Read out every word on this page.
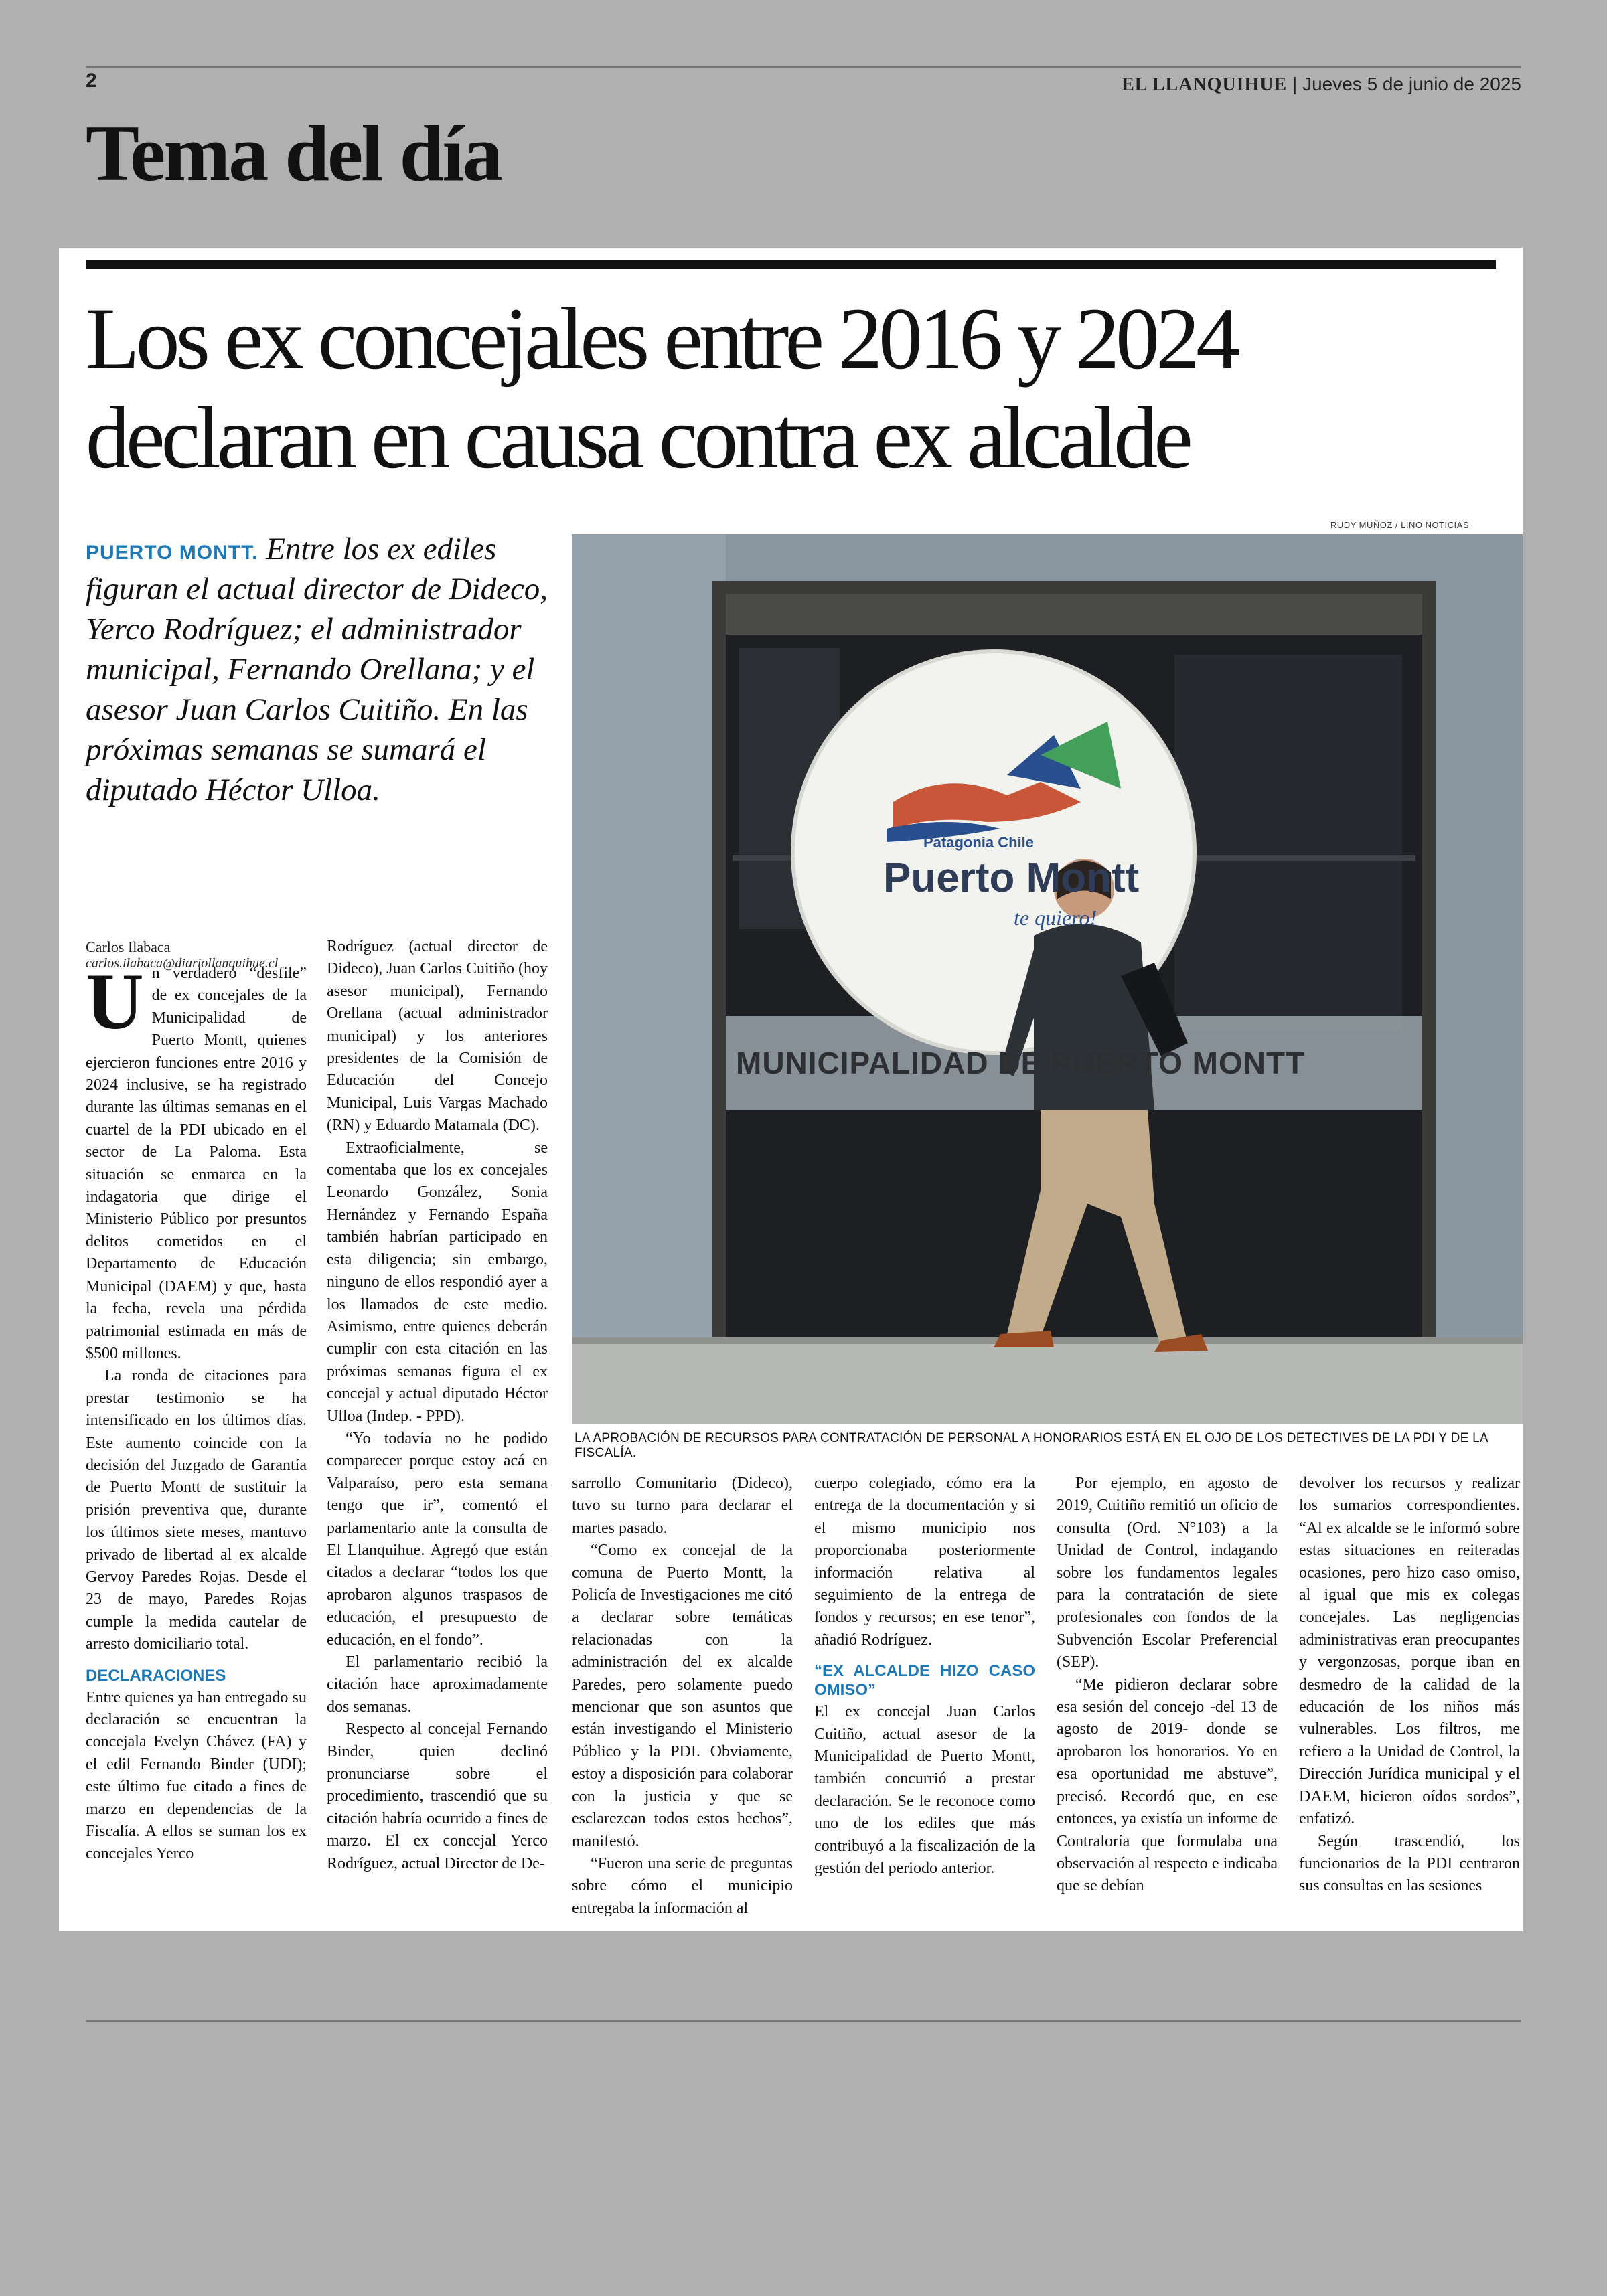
2	EL LLANQUIHUE | Jueves 5 de junio de 2025
Tema del día
Los ex concejales entre 2016 y 2024
declaran en causa contra ex alcalde
RUDY MUÑOZ / LINO NOTICIAS
Patagonia Chile
Puerto Montt
te quiero!
MUNICIPALIDAD DE PUERTO MONTT
LA APROBACIÓN DE RECURSOS PARA CONTRATACIÓN DE PERSONAL A HONORARIOS ESTÁ EN EL OJO DE LOS DETECTIVES DE LA PDI Y DE LA FISCALÍA.
PUERTO MONTT. Entre los ex ediles figuran el actual director de Dideco, Yerco Rodríguez; el administrador municipal, Fernando Orellana; y el asesor Juan Carlos Cuitiño. En las próximas semanas se sumará el diputado Héctor Ulloa.
Carlos Ilabaca
carlos.ilabaca@diariollanquihue.cl

Un verdadero “desfile” de ex concejales de la Municipalidad de Puerto Montt, quienes ejercieron funciones entre 2016 y 2024 inclusive, se ha registrado durante las últimas semanas en el cuartel de la PDI ubicado en el sector de La Paloma. Esta situación se enmarca en la indagatoria que dirige el Ministerio Público por presuntos delitos cometidos en el Departamento de Educación Municipal (DAEM) y que, hasta la fecha, revela una pérdida patrimonial estimada en más de $500 millones.

La ronda de citaciones para prestar testimonio se ha intensificado en los últimos días. Este aumento coincide con la decisión del Juzgado de Garantía de Puerto Montt de sustituir la prisión preventiva que, durante los últimos siete meses, mantuvo privado de libertad al ex alcalde Gervoy Paredes Rojas. Desde el 23 de mayo, Paredes Rojas cumple la medida cautelar de arresto domiciliario total.

DECLARACIONES

Entre quienes ya han entregado su declaración se encuentran la concejala Evelyn Chávez (FA) y el edil Fernando Binder (UDI); este último fue citado a fines de marzo en dependencias de la Fiscalía. A ellos se suman los ex concejales Yerco

Rodríguez (actual director de Dideco), Juan Carlos Cuitiño (hoy asesor municipal), Fernando Orellana (actual administrador municipal) y los anteriores presidentes de la Comisión de Educación del Concejo Municipal, Luis Vargas Machado (RN) y Eduardo Matamala (DC).

Extraoficialmente, se comentaba que los ex concejales Leonardo González, Sonia Hernández y Fernando España también habrían participado en esta diligencia; sin embargo, ninguno de ellos respondió ayer a los llamados de este medio. Asimismo, entre quienes deberán cumplir con esta citación en las próximas semanas figura el ex concejal y actual diputado Héctor Ulloa (Indep. - PPD).

“Yo todavía no he podido comparecer porque estoy acá en Valparaíso, pero esta semana tengo que ir”, comentó el parlamentario ante la consulta de El Llanquihue. Agregó que están citados a declarar “todos los que aprobaron algunos traspasos de educación, el presupuesto de educación, en el fondo”.

El parlamentario recibió la citación hace aproximadamente dos semanas.

Respecto al concejal Fernando Binder, quien declinó pronunciarse sobre el procedimiento, trascendió que su citación habría ocurrido a fines de marzo. El ex concejal Yerco Rodríguez, actual Director de De-

sarrollo Comunitario (Dideco), tuvo su turno para declarar el martes pasado.

“Como ex concejal de la comuna de Puerto Montt, la Policía de Investigaciones me citó a declarar sobre temáticas relacionadas con la administración del ex alcalde Paredes, pero solamente puedo mencionar que son asuntos que están investigando el Ministerio Público y la PDI. Obviamente, estoy a disposición para colaborar con la justicia y que se esclarezcan todos estos hechos”, manifestó.

“Fueron una serie de preguntas sobre cómo el municipio entregaba la información al

cuerpo colegiado, cómo era la entrega de la documentación y si el mismo municipio nos proporcionaba posteriormente información relativa al seguimiento de la entrega de fondos y recursos; en ese tenor”, añadió Rodríguez.

“EX ALCALDE HIZO CASO OMISO”

El ex concejal Juan Carlos Cuitiño, actual asesor de la Municipalidad de Puerto Montt, también concurrió a prestar declaración. Se le reconoce como uno de los ediles que más contribuyó a la fiscalización de la gestión del periodo anterior.

Por ejemplo, en agosto de 2019, Cuitiño remitió un oficio de consulta (Ord. N°103) a la Unidad de Control, indagando sobre los fundamentos legales para la contratación de siete profesionales con fondos de la Subvención Escolar Preferencial (SEP).

“Me pidieron declarar sobre esa sesión del concejo -del 13 de agosto de 2019- donde se aprobaron los honorarios. Yo en esa oportunidad me abstuve”, precisó. Recordó que, en ese entonces, ya existía un informe de Contraloría que formulaba una observación al respecto e indicaba que se debían

devolver los recursos y realizar los sumarios correspondientes. “Al ex alcalde se le informó sobre estas situaciones en reiteradas ocasiones, pero hizo caso omiso, al igual que mis ex colegas concejales. Las negligencias administrativas eran preocupantes y vergonzosas, porque iban en desmedro de la calidad de la educación de los niños más vulnerables. Los filtros, me refiero a la Unidad de Control, la Dirección Jurídica municipal y el DAEM, hicieron oídos sordos”, enfatizó.

Según trascendió, los funcionarios de la PDI centraron sus consultas en las sesiones
